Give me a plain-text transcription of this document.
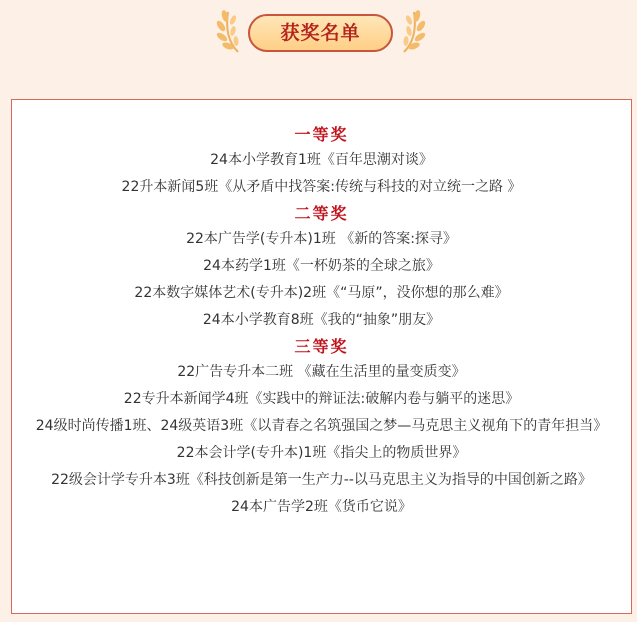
获奖名单
一等奖
24本小学教育1班《百年思潮对谈》
22升本新闻5班《从矛盾中找答案:传统与科技的对立统一之路 》
二等奖
22本广告学(专升本)1班 《新的答案:探寻》
24本药学1班《一杯奶茶的全球之旅》
22本数字媒体艺术(专升本)2班《“马原”，没你想的那么难》
24本小学教育8班《我的“抽象”朋友》
三等奖
22广告专升本二班 《藏在生活里的量变质变》
22专升本新闻学4班《实践中的辩证法:破解内卷与躺平的迷思》
24级时尚传播1班、24级英语3班《以青春之名筑强国之梦—马克思主义视角下的青年担当》
22本会计学(专升本)1班《指尖上的物质世界》
22级会计学专升本3班《科技创新是第一生产力--以马克思主义为指导的中国创新之路》
24本广告学2班《货币它说》
